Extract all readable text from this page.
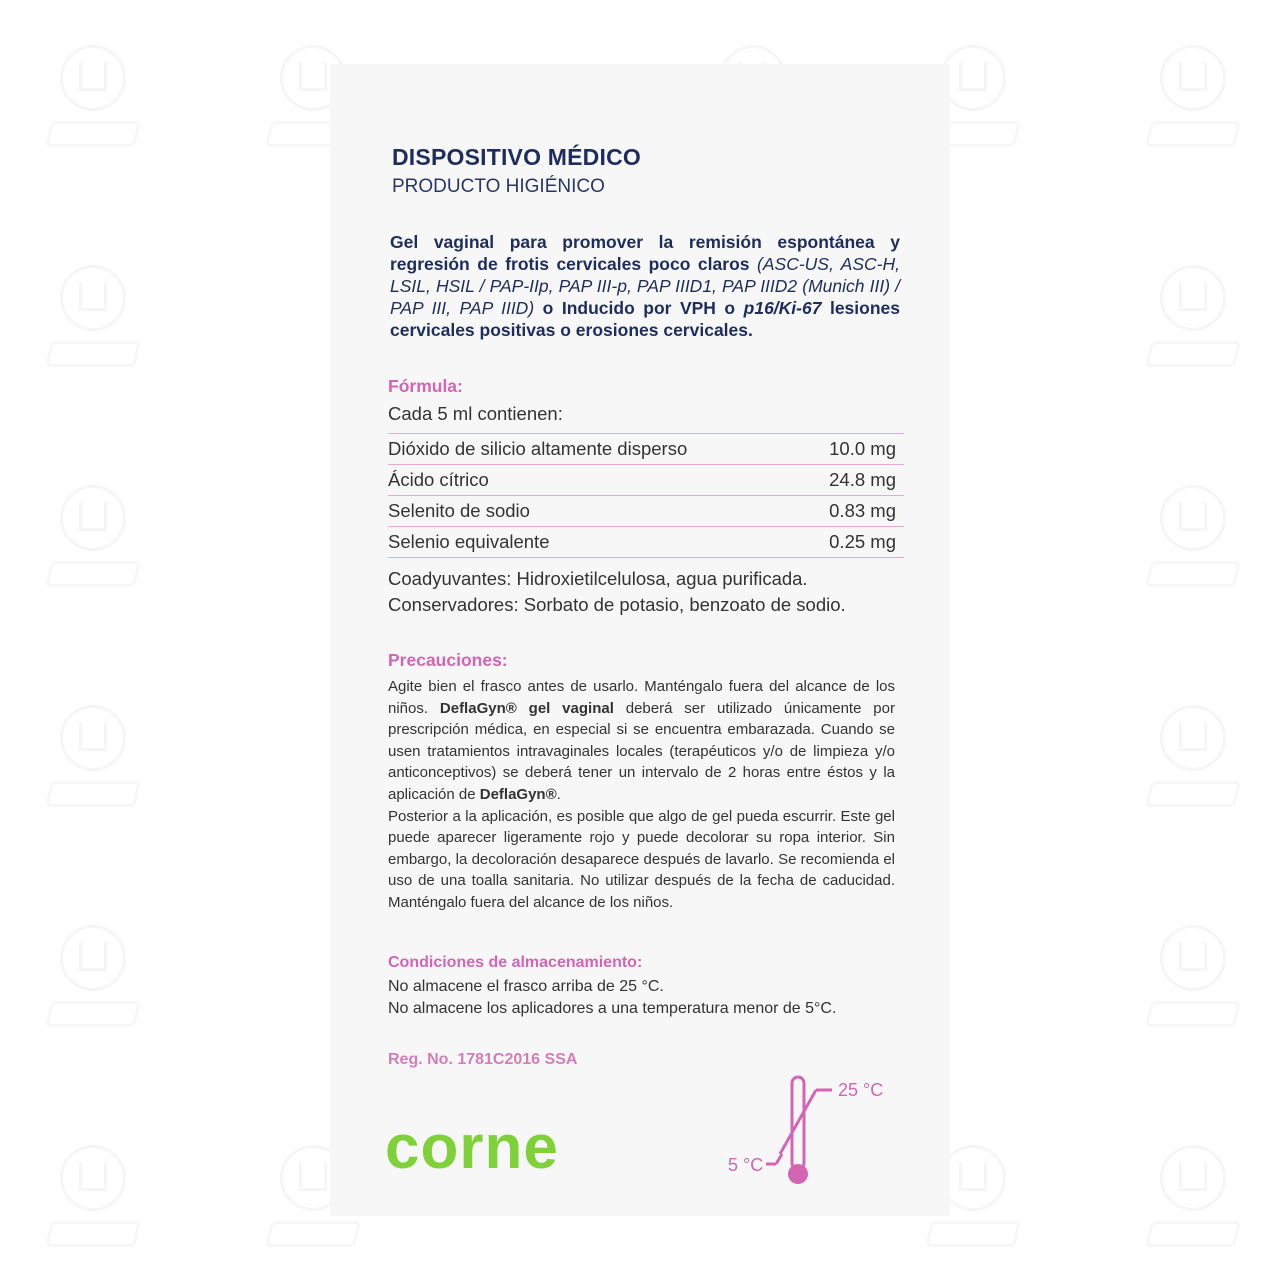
DISPOSITIVO MÉDICO
PRODUCTO HIGIÉNICO
Gel vaginal para promover la remisión espontánea y regresión de frotis cervicales poco claros (ASC-US, ASC-H, LSIL, HSIL / PAP-IIp, PAP III-p, PAP IIID1, PAP IIID2 (Munich III) / PAP III, PAP IIID) o Inducido por VPH o p16/Ki-67 lesiones cervicales positivas o erosiones cervicales.
Fórmula:
Cada 5 ml contienen:
Dióxido de silicio altamente disperso	10.0 mg
Ácido cítrico	24.8 mg
Selenito de sodio	0.83 mg
Selenio equivalente	0.25 mg
Coadyuvantes: Hidroxietilcelulosa, agua purificada.
Conservadores: Sorbato de potasio, benzoato de sodio.
Precauciones:
Agite bien el frasco antes de usarlo. Manténgalo fuera del alcance de los niños. DeflaGyn® gel vaginal deberá ser utilizado únicamente por prescripción médica, en especial si se encuentra embarazada. Cuando se usen tratamientos intravaginales locales (terapéuticos y/o de limpieza y/o anticonceptivos) se deberá tener un intervalo de 2 horas entre éstos y la aplicación de DeflaGyn®.
Posterior a la aplicación, es posible que algo de gel pueda escurrir. Este gel puede aparecer ligeramente rojo y puede decolorar su ropa interior. Sin embargo, la decoloración desaparece después de lavarlo. Se recomienda el uso de una toalla sanitaria. No utilizar después de la fecha de caducidad. Manténgalo fuera del alcance de los niños.
Condiciones de almacenamiento:
No almacene el frasco arriba de 25 °C.
No almacene los aplicadores a una temperatura menor de 5°C.
Reg. No. 1781C2016 SSA
corne
25 °C
5 °C
